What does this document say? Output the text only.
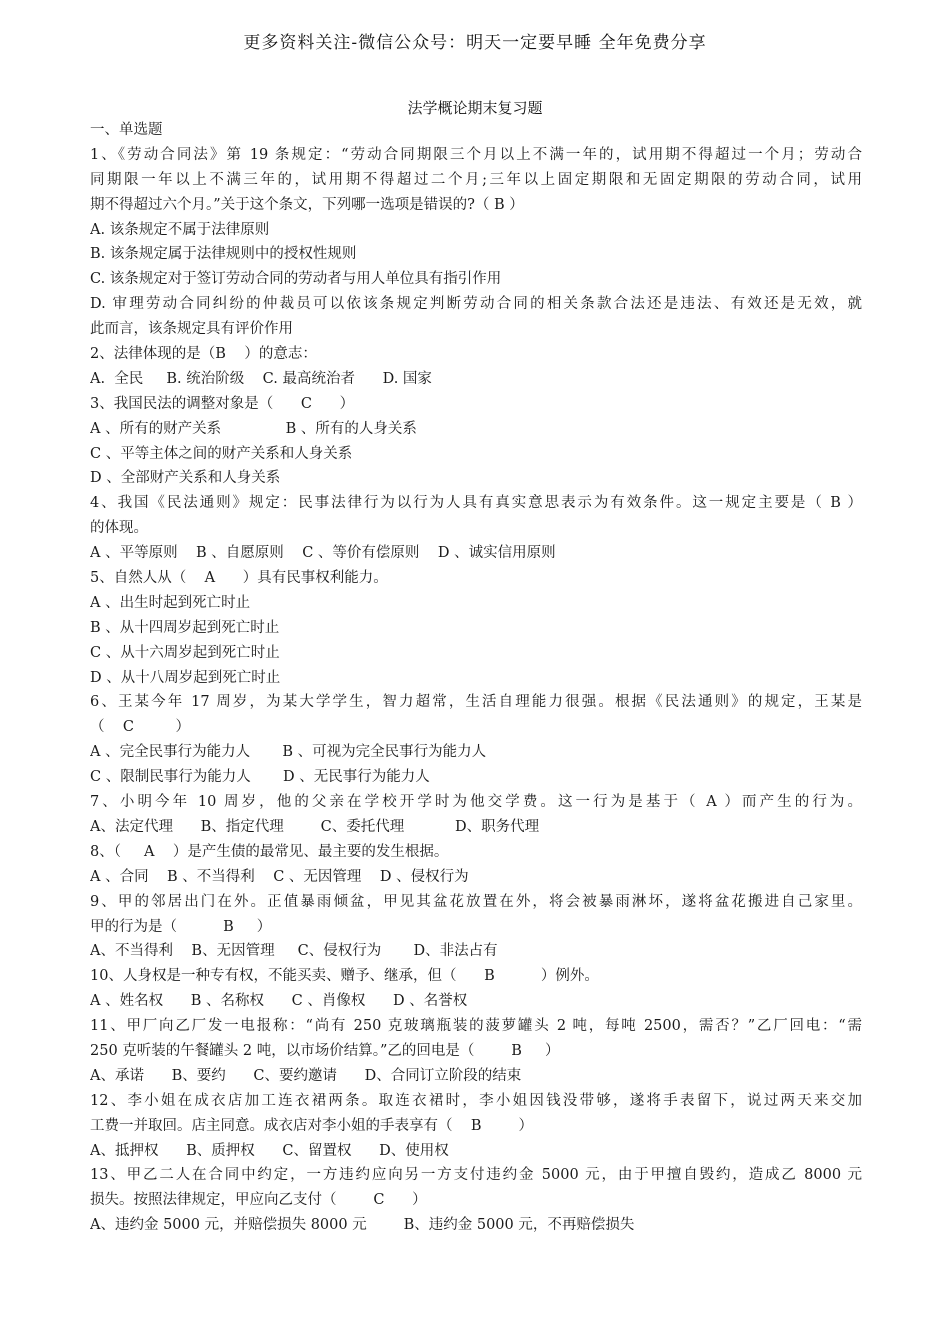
更多资料关注-微信公众号：明天一定要早睡 全年免费分享
法学概论期末复习题
一、单选题
1、《劳动合同法》第 19 条规定：“劳动合同期限三个月以上不满一年的，试用期不得超过一个月；劳动合
同期限一年以上不满三年的，试用期不得超过二个月;三年以上固定期限和无固定期限的劳动合同，试用
期不得超过六个月。”关于这个条文，下列哪一选项是错误的?（ B ）
A. 该条规定不属于法律原则
B. 该条规定属于法律规则中的授权性规则
C. 该条规定对于签订劳动合同的劳动者与用人单位具有指引作用
D. 审理劳动合同纠纷的仲裁员可以依该条规定判断劳动合同的相关条款合法还是违法、有效还是无效，就
此而言，该条规定具有评价作用
2、法律体现的是（B    ）的意志：
A.  全民     B. 统治阶级    C. 最高统治者      D. 国家
3、我国民法的调整对象是（      C      ）
A 、所有的财产关系              B 、所有的人身关系
C 、平等主体之间的财产关系和人身关系
D 、全部财产关系和人身关系
4、我国《民法通则》规定：民事法律行为以行为人具有真实意思表示为有效条件。这一规定主要是（ B ）
的体现。
A 、平等原则    B 、自愿原则    C 、等价有偿原则    D 、诚实信用原则
5、自然人从（    A      ）具有民事权利能力。
A 、出生时起到死亡时止
B 、从十四周岁起到死亡时止
C 、从十六周岁起到死亡时止
D 、从十八周岁起到死亡时止
6、王某今年 17 周岁，为某大学学生，智力超常，生活自理能力很强。根据《民法通则》的规定，王某是
（    C         ）
A 、完全民事行为能力人       B 、可视为完全民事行为能力人
C 、限制民事行为能力人       D 、无民事行为能力人
7、小明今年 10 周岁，他的父亲在学校开学时为他交学费。这一行为是基于（ A ）而产生的行为。
A、法定代理      B、指定代理        C、委托代理           D、职务代理
8、（     A    ）是产生债的最常见、最主要的发生根据。
A 、合同    B 、不当得利    C 、无因管理    D 、侵权行为
9、甲的邻居出门在外。正值暴雨倾盆，甲见其盆花放置在外，将会被暴雨淋坏，遂将盆花搬进自己家里。
甲的行为是（          B     ）
A、不当得利    B、无因管理     C、侵权行为       D、非法占有
10、人身权是一种专有权，不能买卖、赠予、继承，但（      B          ）例外。
A 、姓名权      B 、名称权      C 、肖像权      D 、名誉权
11、甲厂向乙厂发一电报称：“尚有 250 克玻璃瓶装的菠萝罐头 2 吨，每吨 2500，需否？”乙厂回电：“需
250 克听装的午餐罐头 2 吨，以市场价结算。”乙的回电是（        B     ）
A、承诺      B、要约      C、要约邀请      D、合同订立阶段的结束
12、李小姐在成衣店加工连衣裙两条。取连衣裙时，李小姐因钱没带够，遂将手表留下，说过两天来交加
工费一并取回。店主同意。成衣店对李小姐的手表享有（    B        ）
A、抵押权      B、质押权      C、留置权      D、使用权
13、甲乙二人在合同中约定，一方违约应向另一方支付违约金 5000 元，由于甲擅自毁约，造成乙 8000 元
损失。按照法律规定，甲应向乙支付（        C      ）
A、违约金 5000 元，并赔偿损失 8000 元        B、违约金 5000 元，不再赔偿损失
